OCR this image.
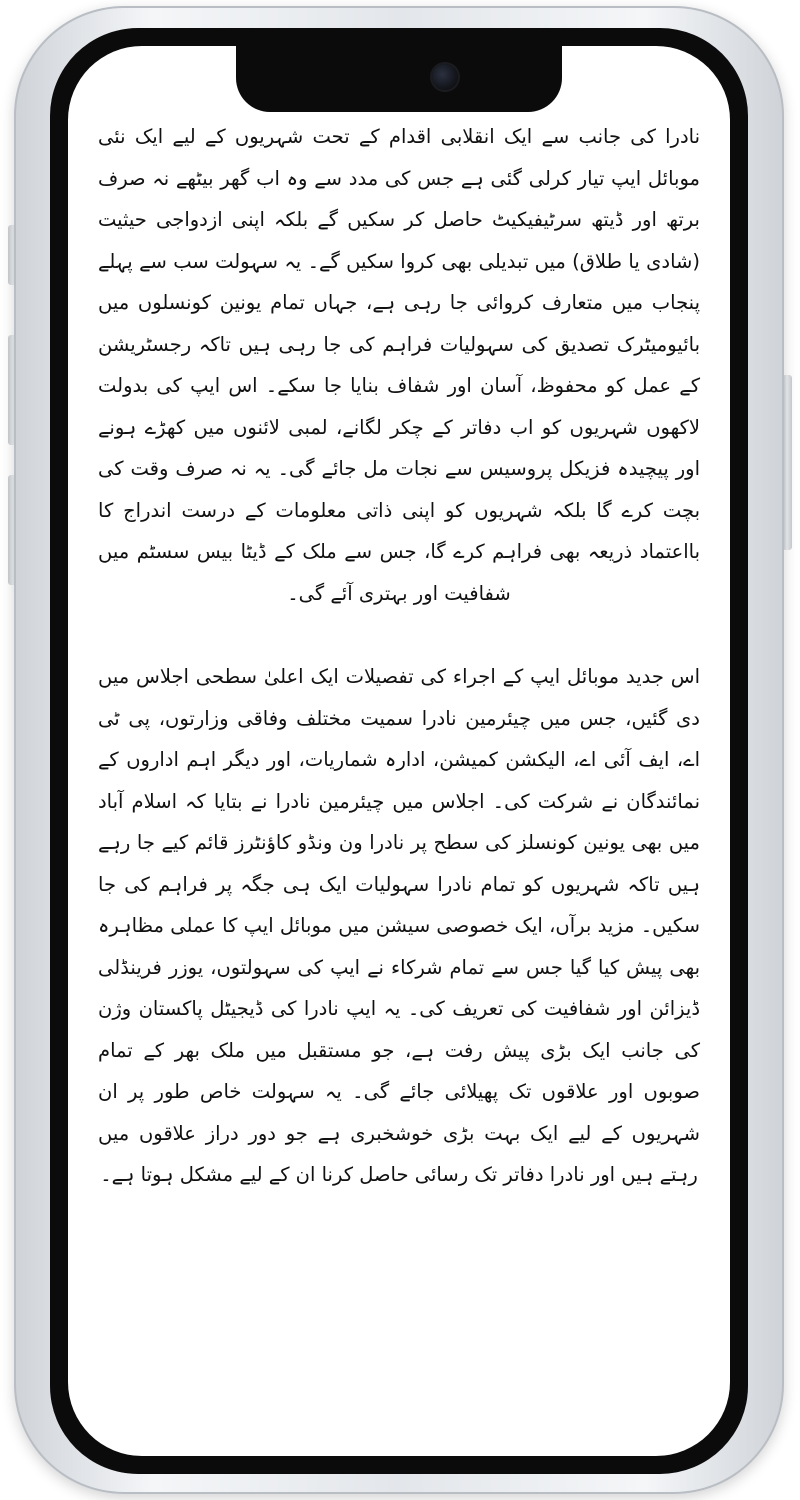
نادرا کی جانب سے ایک انقلابی اقدام کے تحت شہریوں کے لیے ایک نئی موبائل ایپ تیار کرلی گئی ہے جس کی مدد سے وہ اب گھر بیٹھے نہ صرف برتھ اور ڈیتھ سرٹیفیکیٹ حاصل کر سکیں گے بلکہ اپنی ازدواجی حیثیت (شادی یا طلاق) میں تبدیلی بھی کروا سکیں گے۔ یہ سہولت سب سے پہلے پنجاب میں متعارف کروائی جا رہی ہے، جہاں تمام یونین کونسلوں میں بائیومیٹرک تصدیق کی سہولیات فراہم کی جا رہی ہیں تاکہ رجسٹریشن کے عمل کو محفوظ، آسان اور شفاف بنایا جا سکے۔ اس ایپ کی بدولت لاکھوں شہریوں کو اب دفاتر کے چکر لگانے، لمبی لائنوں میں کھڑے ہونے اور پیچیدہ فزیکل پروسیس سے نجات مل جائے گی۔ یہ نہ صرف وقت کی بچت کرے گا بلکہ شہریوں کو اپنی ذاتی معلومات کے درست اندراج کا بااعتماد ذریعہ بھی فراہم کرے گا، جس سے ملک کے ڈیٹا بیس سسٹم میں شفافیت اور بہتری آئے گی۔

اس جدید موبائل ایپ کے اجراء کی تفصیلات ایک اعلیٰ سطحی اجلاس میں دی گئیں، جس میں چیئرمین نادرا سمیت مختلف وفاقی وزارتوں، پی ٹی اے، ایف آئی اے، الیکشن کمیشن، ادارہ شماریات، اور دیگر اہم اداروں کے نمائندگان نے شرکت کی۔ اجلاس میں چیئرمین نادرا نے بتایا کہ اسلام آباد میں بھی یونین کونسلز کی سطح پر نادرا ون ونڈو کاؤنٹرز قائم کیے جا رہے ہیں تاکہ شہریوں کو تمام نادرا سہولیات ایک ہی جگہ پر فراہم کی جا سکیں۔ مزید برآں، ایک خصوصی سیشن میں موبائل ایپ کا عملی مظاہرہ بھی پیش کیا گیا جس سے تمام شرکاء نے ایپ کی سہولتوں، یوزر فرینڈلی ڈیزائن اور شفافیت کی تعریف کی۔ یہ ایپ نادرا کی ڈیجیٹل پاکستان وژن کی جانب ایک بڑی پیش رفت ہے، جو مستقبل میں ملک بھر کے تمام صوبوں اور علاقوں تک پھیلائی جائے گی۔ یہ سہولت خاص طور پر ان شہریوں کے لیے ایک بہت بڑی خوشخبری ہے جو دور دراز علاقوں میں رہتے ہیں اور نادرا دفاتر تک رسائی حاصل کرنا ان کے لیے مشکل ہوتا ہے۔
